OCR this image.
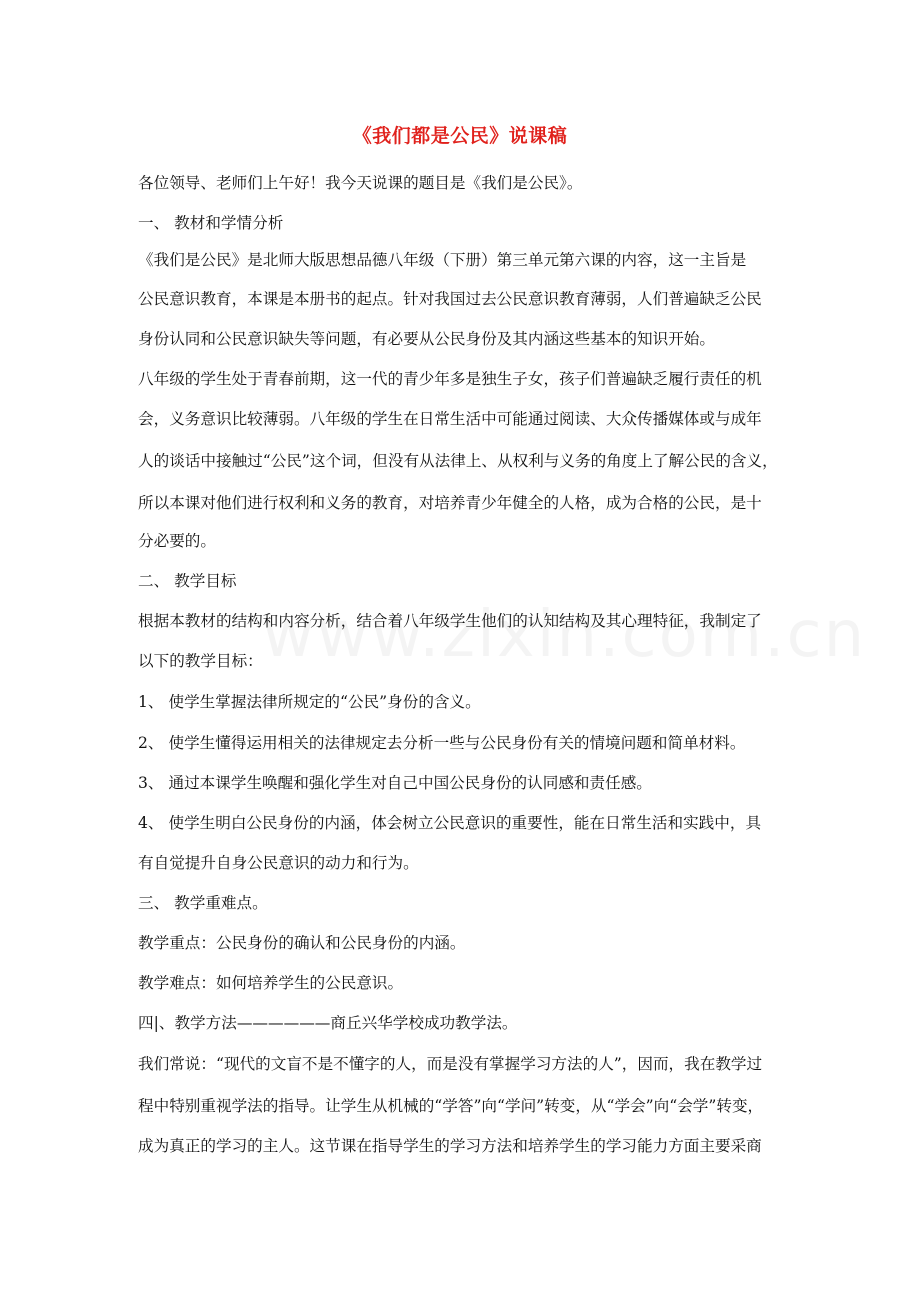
《我们都是公民》说课稿
各位领导、老师们上午好！我今天说课的题目是《我们是公民》。
一、 教材和学情分析
《我们是公民》是北师大版思想品德八年级（下册）第三单元第六课的内容，这一主旨是
公民意识教育，本课是本册书的起点。针对我国过去公民意识教育薄弱，人们普遍缺乏公民
身份认同和公民意识缺失等问题，有必要从公民身份及其内涵这些基本的知识开始。
八年级的学生处于青春前期，这一代的青少年多是独生子女，孩子们普遍缺乏履行责任的机
会，义务意识比较薄弱。八年级的学生在日常生活中可能通过阅读、大众传播媒体或与成年
人的谈话中接触过“公民”这个词，但没有从法律上、从权利与义务的角度上了解公民的含义，
所以本课对他们进行权利和义务的教育，对培养青少年健全的人格，成为合格的公民，是十
分必要的。
二、 教学目标
根据本教材的结构和内容分析，结合着八年级学生他们的认知结构及其心理特征，我制定了
以下的教学目标：
1、 使学生掌握法律所规定的“公民”身份的含义。
2、 使学生懂得运用相关的法律规定去分析一些与公民身份有关的情境问题和简单材料。
3、 通过本课学生唤醒和强化学生对自己中国公民身份的认同感和责任感。
4、 使学生明白公民身份的内涵，体会树立公民意识的重要性，能在日常生活和实践中，具
有自觉提升自身公民意识的动力和行为。
三、 教学重难点。
教学重点：公民身份的确认和公民身份的内涵。
教学难点：如何培养学生的公民意识。
四|、教学方法——————商丘兴华学校成功教学法。
我们常说：“现代的文盲不是不懂字的人，而是没有掌握学习方法的人”，因而，我在教学过
程中特别重视学法的指导。让学生从机械的“学答”向“学问”转变，从“学会”向“会学”转变，
成为真正的学习的主人。这节课在指导学生的学习方法和培养学生的学习能力方面主要采商
